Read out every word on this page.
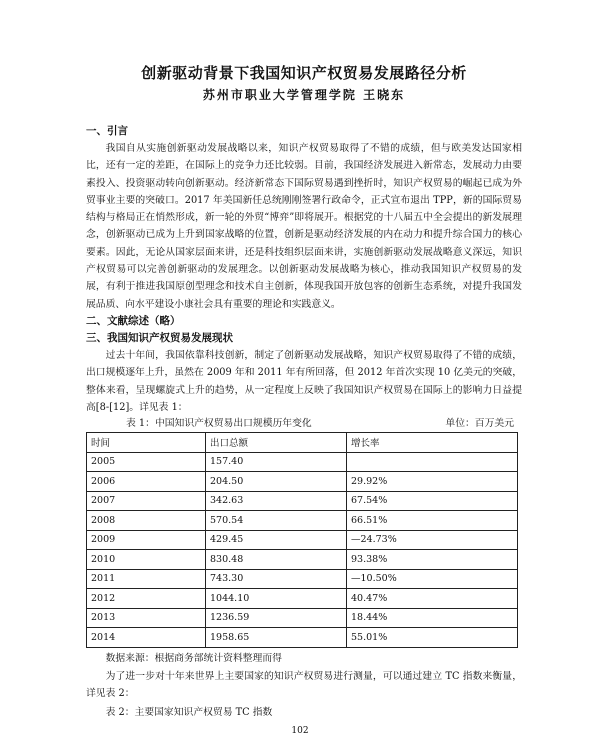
创新驱动背景下我国知识产权贸易发展路径分析
苏州市职业大学管理学院 王晓东
一、引言

我国自从实施创新驱动发展战略以来，知识产权贸易取得了不错的成绩，但与欧美发达国家相比，还有一定的差距，在国际上的竞争力还比较弱。目前，我国经济发展进入新常态，发展动力由要素投入、投资驱动转向创新驱动。经济新常态下国际贸易遇到挫折时，知识产权贸易的崛起已成为外贸事业主要的突破口。2017 年美国新任总统刚刚签署行政命令，正式宣布退出 TPP，新的国际贸易结构与格局正在悄然形成，新一轮的外贸“博弈”即将展开。根据党的十八届五中全会提出的新发展理念，创新驱动已成为上升到国家战略的位置，创新是驱动经济发展的内在动力和提升综合国力的核心要素。因此，无论从国家层面来讲，还是科技组织层面来讲，实施创新驱动发展战略意义深远，知识产权贸易可以完善创新驱动的发展理念。以创新驱动发展战略为核心，推动我国知识产权贸易的发展，有利于推进我国原创型理念和技术自主创新，体现我国开放包容的创新生态系统，对提升我国发展品质、向水平建设小康社会具有重要的理论和实践意义。

二、文献综述（略）
三、我国知识产权贸易发展现状

过去十年间，我国依靠科技创新，制定了创新驱动发展战略，知识产权贸易取得了不错的成绩，出口规模逐年上升，虽然在 2009 年和 2011 年有所回落，但 2012 年首次实现 10 亿美元的突破，整体来看，呈现螺旋式上升的趋势，从一定程度上反映了我国知识产权贸易在国际上的影响力日益提高[8-[12]。详见表 1：

表 1：中国知识产权贸易出口规模历年变化	单位：百万美元
时间	出口总额	增长率
2005	157.40	
2006	204.50	29.92%
2007	342.63	67.54%
2008	570.54	66.51%
2009	429.45	—24.73%
2010	830.48	93.38%
2011	743.30	—10.50%
2012	1044.10	40.47%
2013	1236.59	18.44%
2014	1958.65	55.01%

数据来源：根据商务部统计资料整理而得

为了进一步对十年来世界上主要国家的知识产权贸易进行测量，可以通过建立 TC 指数来衡量，详见表 2：

表 2：主要国家知识产权贸易 TC 指数

102
